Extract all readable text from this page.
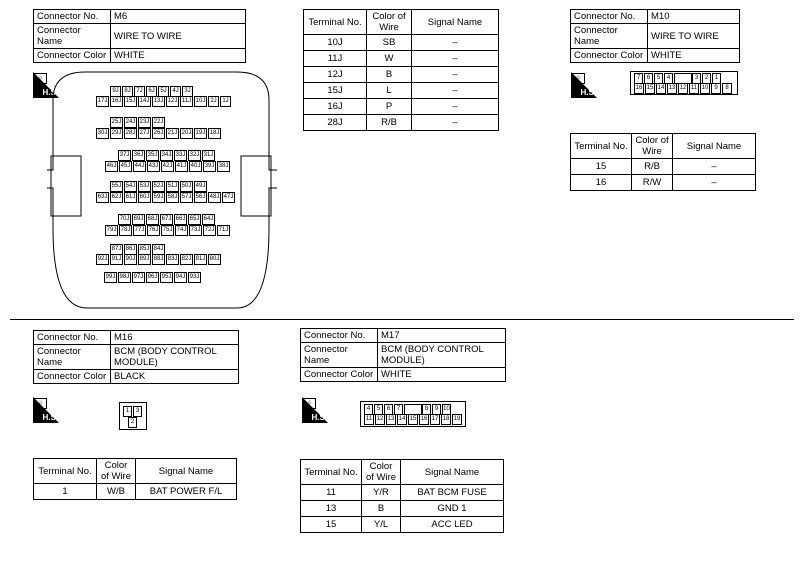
Connector No.	M6
Connector Name	WIRE TO WIRE
Connector Color	WHITE
⌂
H.S.	9J 8J 7J 6J 5J 4J 3J
17J 16J 15J 14J 13J 12J 11J 10J 2J 1J
25J 24J 23J 22J
30J 29J 28J 27J 26J 21J 20J 19J 18J
37J 36J 35J 34J 33J 32J 31J
46J 45J 44J 43J 42J 41J 40J 39J 38J
55J 54J 53J 52J 51J 50J 49J
63J 62J 61J 60J 59J 58J 57J 56J 48J 47J
70J 69J 68J 67J 66J 65J 64J
79J 78J 77J 76J 75J 74J 73J 72J 71J
87J 86J 85J 84J
92J 91J 90J 89J 88J 83J 82J 81J 80J
99J 98J 97J 96J 95J 94J 93J
Terminal No.	Color of Wire	Signal Name
10J	SB	–
11J	W	–
12J	B	–
15J	L	–
16J	P	–
28J	R/B	–
Connector No.	M10
Connector Name	WIRE TO WIRE
Connector Color	WHITE
⌂
H.S.
7	6	5	4	3	2	1
16 15 14 13 12 11 10 9	8
Terminal No.	Color of Wire	Signal Name
15	R/B	–
16	R/W	–
Connector No.	M16
Connector Name	BCM (BODY CONTROL MODULE)
Connector Color	BLACK
⌂
H.S.
1	3
2
Terminal No.	Color of Wire	Signal Name
1	W/B	BAT POWER F/L
Connector No.	M17
Connector Name	BCM (BODY CONTROL MODULE)
Connector Color	WHITE
⌂
H.S.
4	5	6	7	8	9 10
11 12 13 14 15 16 17 18 19
Terminal No.	Color of Wire	Signal Name
11	Y/R	BAT BCM FUSE
13	B	GND 1
15	Y/L	ACC LED
